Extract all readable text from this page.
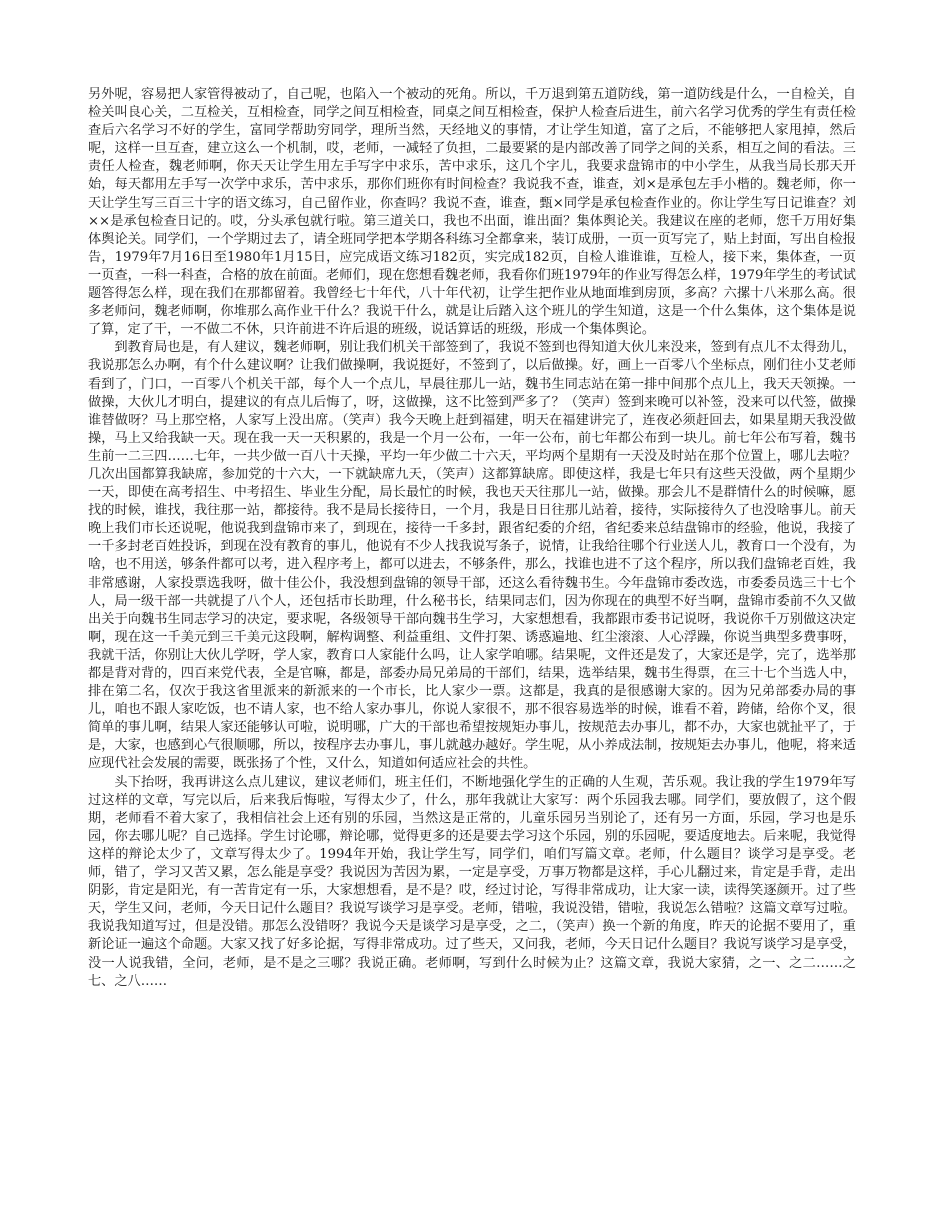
另外呢，容易把人家管得被动了，自己呢，也陷入一个被动的死角。所以，千万退到第五道防线，第一道防线是什么，一自检关，自检关叫良心关，二互检关，互相检查，同学之间互相检查，同桌之间互相检查，保护人检查后进生，前六名学习优秀的学生有责任检查后六名学习不好的学生，富同学帮助穷同学，理所当然，天经地义的事情，才让学生知道，富了之后，不能够把人家甩掉，然后呢，这样一旦互查，建立这么一个机制，哎，老师，一减轻了负担，二最要紧的是内部改善了同学之间的关系，相互之间的看法。三责任人检查，魏老师啊，你天天让学生用左手写字中求乐，苦中求乐，这几个字儿，我要求盘锦市的中小学生，从我当局长那天开始，每天都用左手写一次学中求乐，苦中求乐，那你们班你有时间检查？我说我不查，谁查，刘×是承包左手小楷的。魏老师，你一天让学生写三百三十字的语文练习，自己留作业，你查吗？我说不查，谁查，甄×同学是承包检查作业的。你让学生写日记谁查？刘××是承包检查日记的。哎，分头承包就行啦。第三道关口，我也不出面，谁出面？集体舆论关。我建议在座的老师，您千万用好集体舆论关。同学们，一个学期过去了，请全班同学把本学期各科练习全都拿来，装订成册，一页一页写完了，贴上封面，写出自检报告，1979年7月16日至1980年1月15日，应完成语文练习182页，实完成182页，自检人谁谁谁，互检人，接下来，集体查，一页一页查，一科一科查，合格的放在前面。老师们，现在您想看魏老师，我看你们班1979年的作业写得怎么样，1979年学生的考试试题答得怎么样，现在我们在那都留着。我曾经七十年代，八十年代初，让学生把作业从地面堆到房顶，多高？六摞十八米那么高。很多老师问，魏老师啊，你堆那么高作业干什么？我说干什么，就是让后踏入这个班儿的学生知道，这是一个什么集体，这个集体是说了算，定了干，一不做二不休，只许前进不许后退的班级，说话算话的班级，形成一个集体舆论。

到教育局也是，有人建议，魏老师啊，别让我们机关干部签到了，我说不签到也得知道大伙儿来没来，签到有点儿不太得劲儿，我说那怎么办啊，有个什么建议啊？让我们做操啊，我说挺好，不签到了，以后做操。好，画上一百零八个坐标点，刚们往小艾老师看到了，门口，一百零八个机关干部，每个人一个点儿，早晨往那儿一站，魏书生同志站在第一排中间那个点儿上，我天天领操。一做操，大伙儿才明白，提建议的有点儿后悔了，呀，这做操，这不比签到严多了？（笑声）签到来晚可以补签，没来可以代签，做操谁替做呀？马上那空格，人家写上没出席。（笑声）我今天晚上赶到福建，明天在福建讲完了，连夜必须赶回去，如果星期天我没做操，马上又给我缺一天。现在我一天一天积累的，我是一个月一公布，一年一公布，前七年都公布到一块儿。前七年公布写着，魏书生前一二三四……七年，一共少做一百八十天操，平均一年少做二十六天，平均两个星期有一天没及时站在那个位置上，哪儿去啦？几次出国都算我缺席，参加党的十六大，一下就缺席九天，（笑声）这都算缺席。即使这样，我是七年只有这些天没做，两个星期少一天，即使在高考招生、中考招生、毕业生分配，局长最忙的时候，我也天天往那儿一站，做操。那会儿不是群情什么的时候嘛，愿找的时候，谁找，我往那一站，都接待。我不是局长接待日，一个月，我是日日往那儿站着，接待，实际接待久了也没啥事儿。前天晚上我们市长还说呢，他说我到盘锦市来了，到现在，接待一千多封，跟省纪委的介绍，省纪委来总结盘锦市的经验，他说，我接了一千多封老百姓投诉，到现在没有教育的事儿，他说有不少人找我说写条子，说情，让我给往哪个行业送人儿，教育口一个没有，为啥，也不用送，够条件都可以考，进入程序考上，都可以进去，不够条件，那么，找谁也进不了这个程序，所以我们盘锦老百姓，我非常感谢，人家投票选我呀，做十佳公仆，我没想到盘锦的领导干部，还这么看待魏书生。今年盘锦市委改选，市委委员选三十七个人，局一级干部一共就提了八个人，还包括市长助理，什么秘书长，结果同志们，因为你现在的典型不好当啊，盘锦市委前不久又做出关于向魏书生同志学习的决定，要求呢，各级领导干部向魏书生学习，大家想想看，我都跟市委书记说呀，我说你千万别做这决定啊，现在这一千美元到三千美元这段啊，解构调整、利益重组、文件打架、诱惑遍地、红尘滚滚、人心浮躁，你说当典型多费事呀，我就干活，你别让大伙儿学呀，学人家，教育口人家能什么吗，让人家学咱哪。结果呢，文件还是发了，大家还是学，完了，选举那都是背对背的，四百来党代表，全是官嘛，都是，部委办局兄弟局的干部们，结果，选举结果，魏书生得票，在三十七个当选人中，排在第二名，仅次于我这省里派来的新派来的一个市长，比人家少一票。这都是，我真的是很感谢大家的。因为兄弟部委办局的事儿，咱也不跟人家吃饭，也不请人家，也不给人家办事儿，你说人家很不，那不很容易选举的时候，谁看不着，跨储，给你个叉，很简单的事儿啊，结果人家还能够认可啦，说明哪，广大的干部也希望按规矩办事儿，按规范去办事儿，都不办，大家也就扯平了，于是，大家，也感到心气很顺哪，所以，按程序去办事儿，事儿就越办越好。学生呢，从小养成法制，按规矩去办事儿，他呢，将来适应现代社会发展的需要，既张扬了个性，又什么，知道如何适应社会的共性。

头下抬呀，我再讲这么点儿建议，建议老师们，班主任们，不断地强化学生的正确的人生观，苦乐观。我让我的学生1979年写过这样的文章，写完以后，后来我后悔啦，写得太少了，什么，那年我就让大家写：两个乐园我去哪。同学们，要放假了，这个假期，老师看不着大家了，我相信社会上还有别的乐园，当然这是正常的，儿童乐园另当别论了，还有另一方面，乐园，学习也是乐园，你去哪儿呢？自己选择。学生讨论哪，辩论哪，觉得更多的还是要去学习这个乐园，别的乐园呢，要适度地去。后来呢，我觉得这样的辩论太少了，文章写得太少了。1994年开始，我让学生写，同学们，咱们写篇文章。老师，什么题目？谈学习是享受。老师，错了，学习又苦又累，怎么能是享受？我说因为苦因为累，一定是享受，万事万物都是这样，手心儿翻过来，肯定是手背，走出阴影，肯定是阳光，有一苦肯定有一乐，大家想想看，是不是？哎，经过讨论，写得非常成功，让大家一读，读得笑逐颜开。过了些天，学生又问，老师，今天日记什么题目？我说写谈学习是享受。老师，错啦，我说没错，错啦，我说怎么错啦？这篇文章写过啦。我说我知道写过，但是没错。那怎么没错呀？我说今天是谈学习是享受，之二，（笑声）换一个新的角度，昨天的论据不要用了，重新论证一遍这个命题。大家又找了好多论据，写得非常成功。过了些天，又问我，老师，今天日记什么题目？我说写谈学习是享受，没一人说我错，全问，老师，是不是之三哪？我说正确。老师啊，写到什么时候为止？这篇文章，我说大家猜，之一、之二……之七、之八……
